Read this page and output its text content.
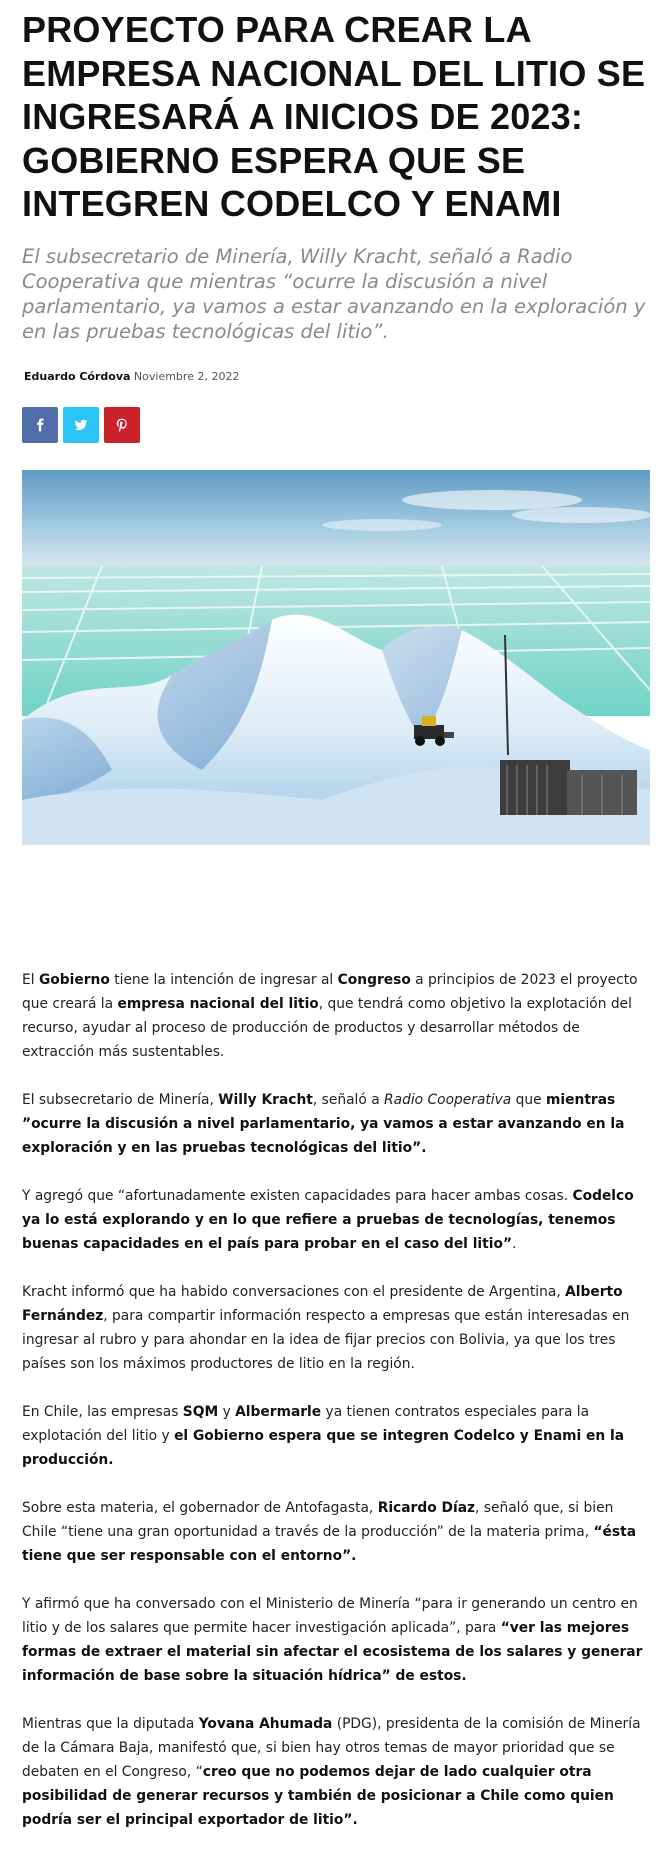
PROYECTO PARA CREAR LA EMPRESA NACIONAL DEL LITIO SE INGRESARÁ A INICIOS DE 2023: GOBIERNO ESPERA QUE SE INTEGREN CODELCO Y ENAMI

El subsecretario de Minería, Willy Kracht, señaló a Radio Cooperativa que mientras “ocurre la discusión a nivel parlamentario, ya vamos a estar avanzando en la exploración y en las pruebas tecnológicas del litio”.

Eduardo Córdova Noviembre 2, 2022

El Gobierno tiene la intención de ingresar al Congreso a principios de 2023 el proyecto que creará la empresa nacional del litio, que tendrá como objetivo la explotación del recurso, ayudar al proceso de producción de productos y desarrollar métodos de extracción más sustentables.

El subsecretario de Minería, Willy Kracht, señaló a Radio Cooperativa que mientras ”ocurre la discusión a nivel parlamentario, ya vamos a estar avanzando en la exploración y en las pruebas tecnológicas del litio”.

Y agregó que “afortunadamente existen capacidades para hacer ambas cosas. Codelco ya lo está explorando y en lo que refiere a pruebas de tecnologías, tenemos buenas capacidades en el país para probar en el caso del litio”.

Kracht informó que ha habido conversaciones con el presidente de Argentina, Alberto Fernández, para compartir información respecto a empresas que están interesadas en ingresar al rubro y para ahondar en la idea de fijar precios con Bolivia, ya que los tres países son los máximos productores de litio en la región.

En Chile, las empresas SQM y Albermarle ya tienen contratos especiales para la explotación del litio y el Gobierno espera que se integren Codelco y Enami en la producción.

Sobre esta materia, el gobernador de Antofagasta, Ricardo Díaz, señaló que, si bien Chile “tiene una gran oportunidad a través de la producción” de la materia prima, “ésta tiene que ser responsable con el entorno”.

Y afirmó que ha conversado con el Ministerio de Minería “para ir generando un centro en litio y de los salares que permite hacer investigación aplicada”, para “ver las mejores formas de extraer el material sin afectar el ecosistema de los salares y generar información de base sobre la situación hídrica” de estos.

Mientras que la diputada Yovana Ahumada (PDG), presidenta de la comisión de Minería de la Cámara Baja, manifestó que, si bien hay otros temas de mayor prioridad que se debaten en el Congreso, “creo que no podemos dejar de lado cualquier otra posibilidad de generar recursos y también de posicionar a Chile como quien podría ser el principal exportador de litio”.
